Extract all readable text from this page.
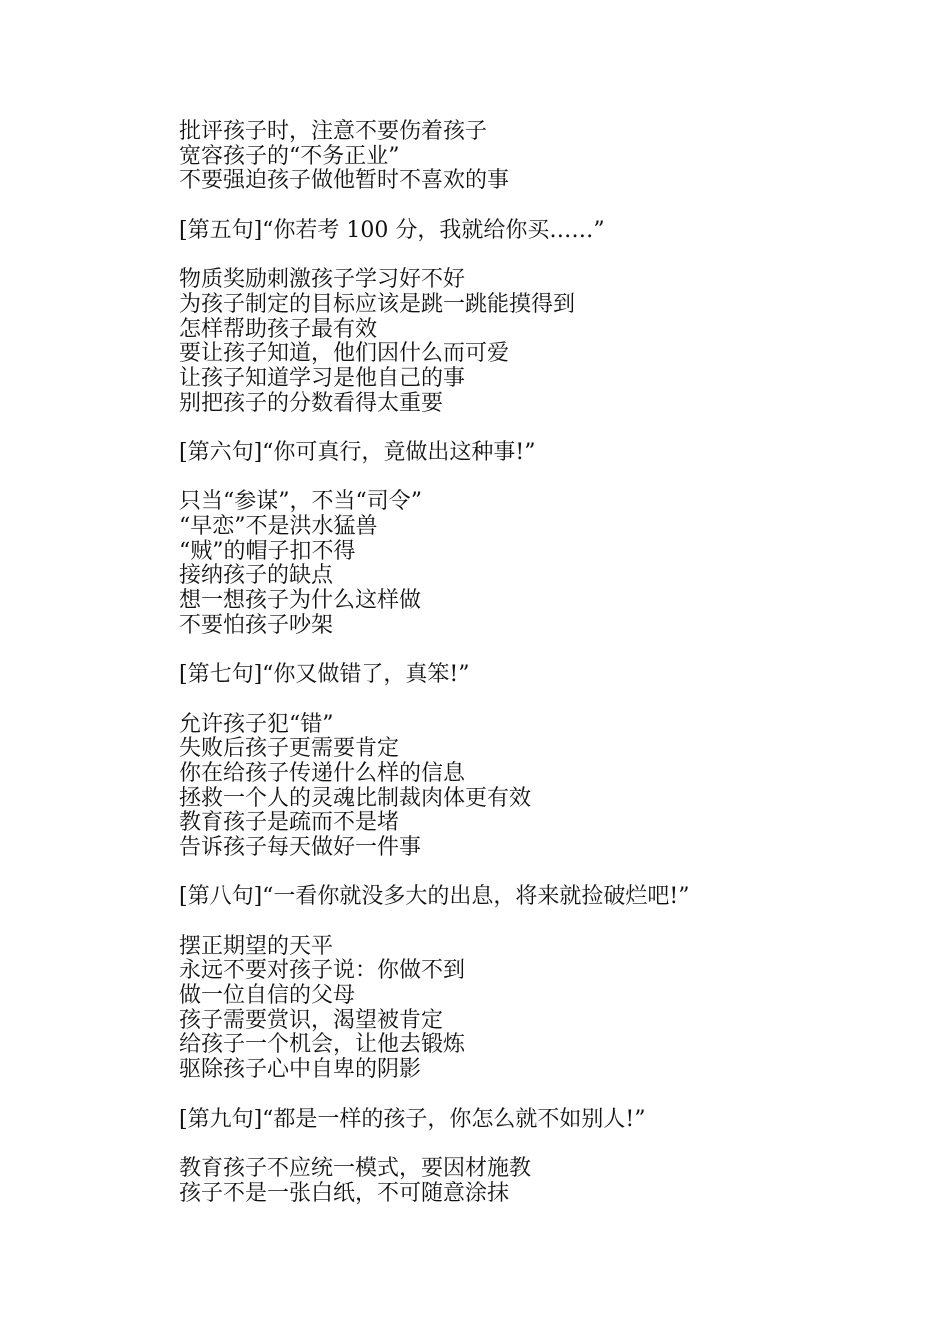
批评孩子时，注意不要伤着孩子
宽容孩子的“不务正业”
不要强迫孩子做他暂时不喜欢的事
[第五句]“你若考 100 分，我就给你买……”
物质奖励刺激孩子学习好不好
为孩子制定的目标应该是跳一跳能摸得到
怎样帮助孩子最有效
要让孩子知道，他们因什么而可爱
让孩子知道学习是他自己的事
别把孩子的分数看得太重要
[第六句]“你可真行，竟做出这种事!”
只当“参谋”，不当“司令”
“早恋”不是洪水猛兽
“贼”的帽子扣不得
接纳孩子的缺点
想一想孩子为什么这样做
不要怕孩子吵架
[第七句]“你又做错了，真笨!”
允许孩子犯“错”
失败后孩子更需要肯定
你在给孩子传递什么样的信息
拯救一个人的灵魂比制裁肉体更有效
教育孩子是疏而不是堵
告诉孩子每天做好一件事
[第八句]“一看你就没多大的出息，将来就捡破烂吧!”
摆正期望的天平
永远不要对孩子说：你做不到
做一位自信的父母
孩子需要赏识，渴望被肯定
给孩子一个机会，让他去锻炼
驱除孩子心中自卑的阴影
[第九句]“都是一样的孩子，你怎么就不如别人!”
教育孩子不应统一模式，要因材施教
孩子不是一张白纸，不可随意涂抹
